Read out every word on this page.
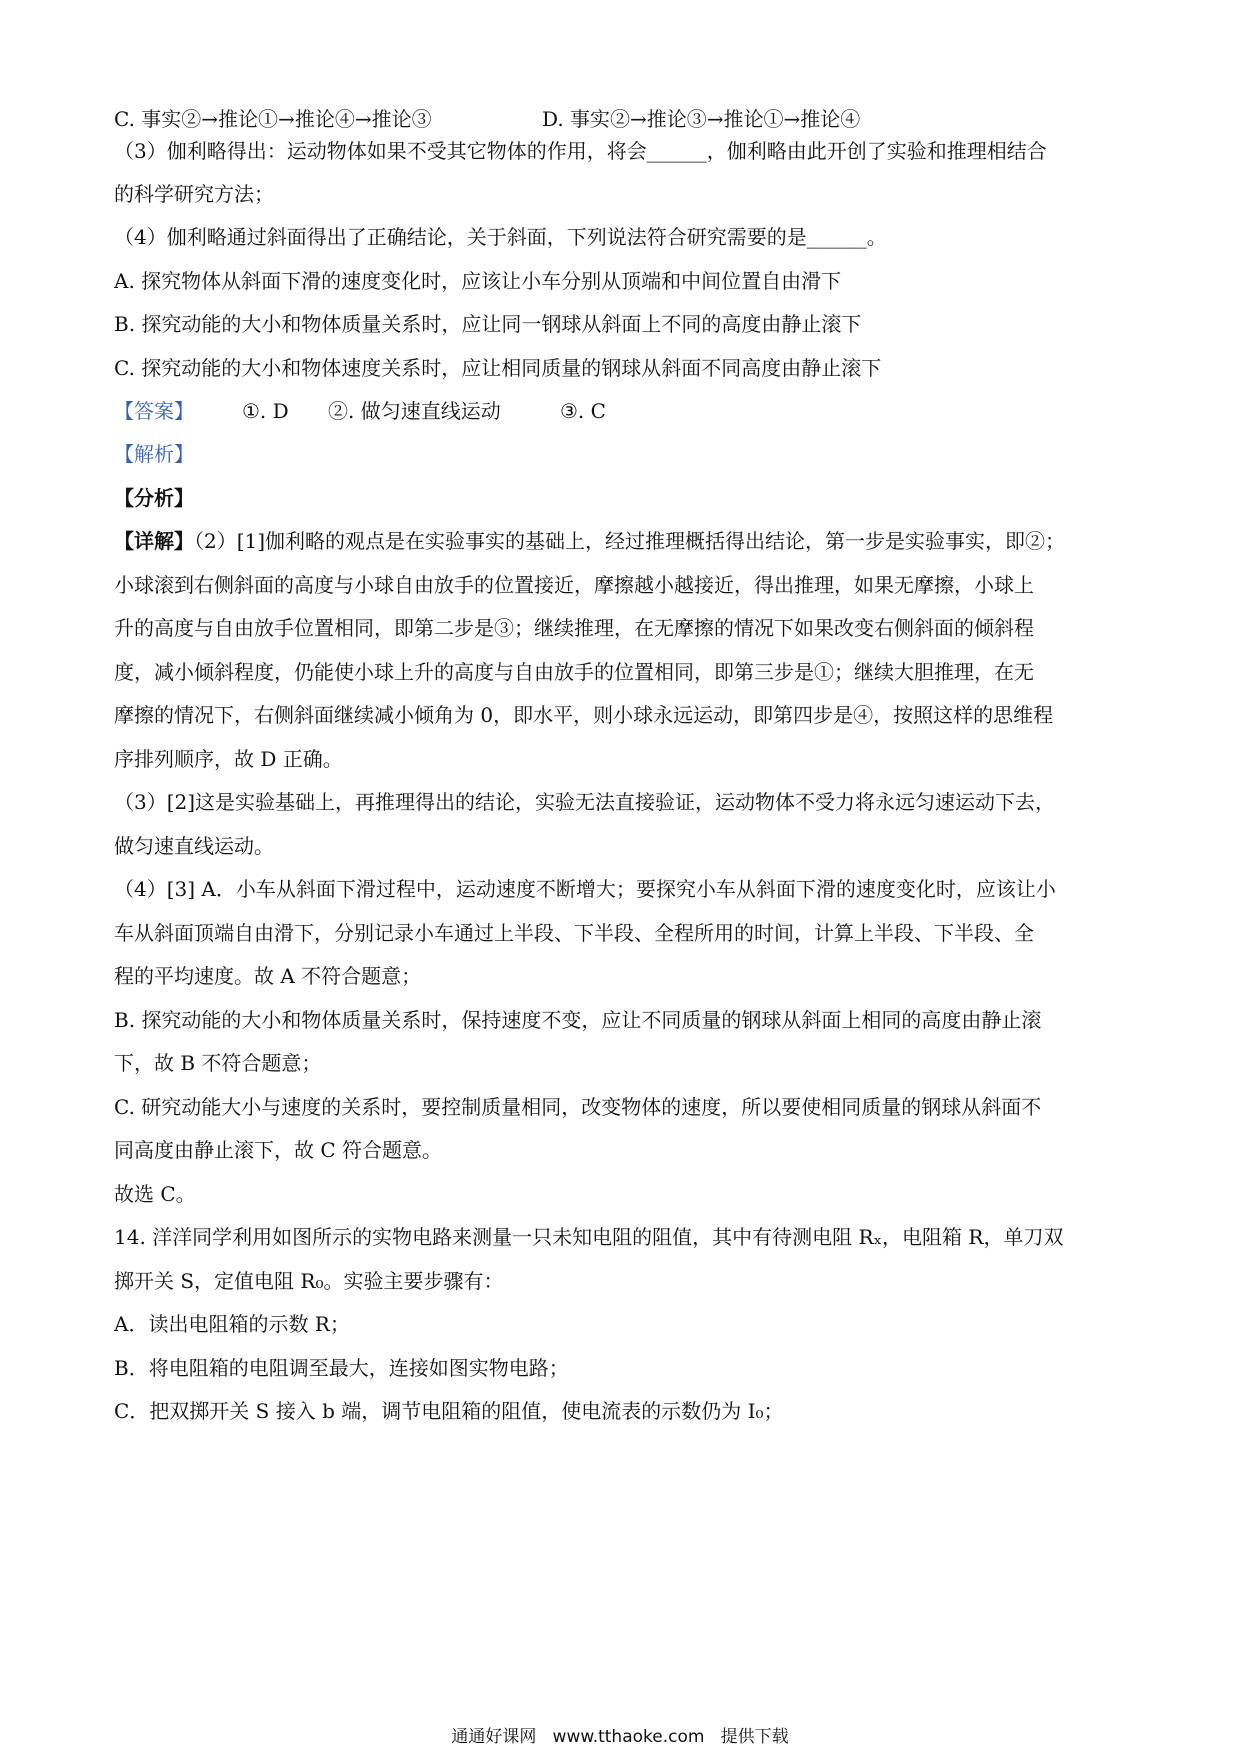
C. 事实②→推论①→推论④→推论③	D. 事实②→推论③→推论①→推论④
（3）伽利略得出：运动物体如果不受其它物体的作用，将会______，伽利略由此开创了实验和推理相结合
的科学研究方法；
（4）伽利略通过斜面得出了正确结论，关于斜面，下列说法符合研究需要的是______。
A. 探究物体从斜面下滑的速度变化时，应该让小车分别从顶端和中间位置自由滑下
B. 探究动能的大小和物体质量关系时，应让同一钢球从斜面上不同的高度由静止滚下
C. 探究动能的大小和物体速度关系时，应让相同质量的钢球从斜面不同高度由静止滚下
【答案】 ①. D ②. 做匀速直线运动	③. C
【解析】
【分析】
【详解】（2）[1]伽利略的观点是在实验事实的基础上，经过推理概括得出结论，第一步是实验事实，即②；
小球滚到右侧斜面的高度与小球自由放手的位置接近，摩擦越小越接近，得出推理，如果无摩擦，小球上
升的高度与自由放手位置相同，即第二步是③；继续推理，在无摩擦的情况下如果改变右侧斜面的倾斜程
度，减小倾斜程度，仍能使小球上升的高度与自由放手的位置相同，即第三步是①；继续大胆推理，在无
摩擦的情况下，右侧斜面继续减小倾角为 0，即水平，则小球永远运动，即第四步是④，按照这样的思维程
序排列顺序，故 D 正确。
（3）[2]这是实验基础上，再推理得出的结论，实验无法直接验证，运动物体不受力将永远匀速运动下去，
做匀速直线运动。
（4）[3] A．小车从斜面下滑过程中，运动速度不断增大；要探究小车从斜面下滑的速度变化时，应该让小
车从斜面顶端自由滑下，分别记录小车通过上半段、下半段、全程所用的时间，计算上半段、下半段、全
程的平均速度。故 A 不符合题意；
B. 探究动能的大小和物体质量关系时，保持速度不变，应让不同质量的钢球从斜面上相同的高度由静止滚
下，故 B 不符合题意；
C. 研究动能大小与速度的关系时，要控制质量相同，改变物体的速度，所以要使相同质量的钢球从斜面不
同高度由静止滚下，故 C 符合题意。
故选 C。
14. 洋洋同学利用如图所示的实物电路来测量一只未知电阻的阻值，其中有待测电阻 Rₓ，电阻箱 R，单刀双
掷开关 S，定值电阻 R₀。实验主要步骤有：
A．读出电阻箱的示数 R；
B．将电阻箱的电阻调至最大，连接如图实物电路；
C．把双掷开关 S 接入 b 端，调节电阻箱的阻值，使电流表的示数仍为 I₀；
通通好课网 www.tthaoke.com 提供下载
